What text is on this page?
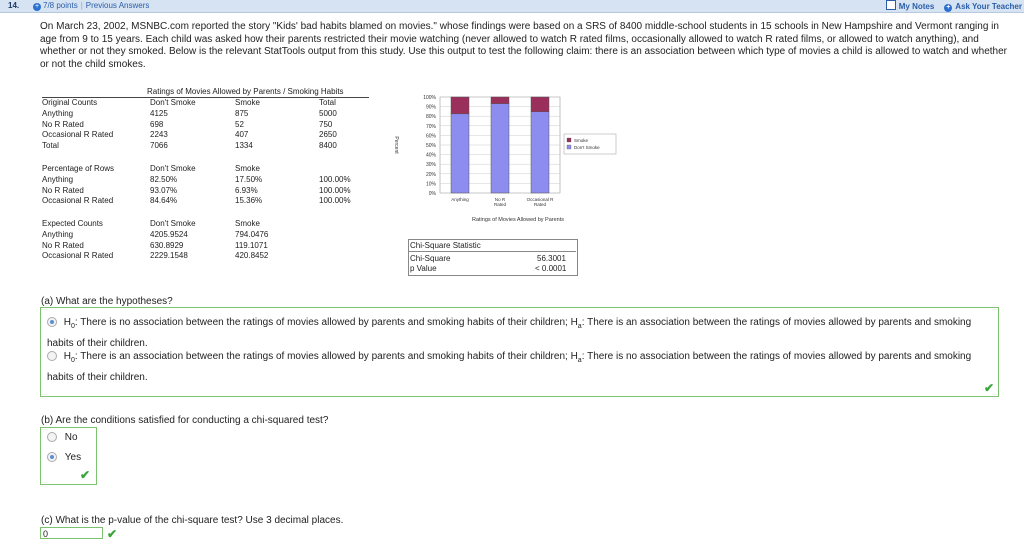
14. + 7/8 points | Previous Answers	My Notes + Ask Your Teacher
On March 23, 2002, MSNBC.com reported the story "Kids' bad habits blamed on movies." whose findings were based on a SRS of 8400 middle-school students in 15 schools in New Hampshire and Vermont ranging in age from 9 to 15 years. Each child was asked how their parents restricted their movie watching (never allowed to watch R rated films, occasionally allowed to watch R rated films, or allowed to watch anything), and whether or not they smoked. Below is the relevant StatTools output from this study. Use this output to test the following claim: there is an association between which type of movies a child is allowed to watch and whether or not the child smokes.
Ratings of Movies Allowed by Parents / Smoking Habits
Original Counts	Don't Smoke	Smoke	Total
Anything	4125	875	5000
No R Rated	698	52	750
Occasional R Rated	2243	407	2650
Total	7066	1334	8400
Percentage of Rows	Don't Smoke	Smoke
Anything	82.50%	17.50%	100.00%
No R Rated	93.07%	6.93%	100.00%
Occasional R Rated	84.64%	15.36%	100.00%
Expected Counts	Don't Smoke	Smoke
Anything	4205.9524	794.0476
No R Rated	630.8929	119.1071
Occasional R Rated	2229.1548	420.8452
100%
90%
80%
70%
60%
50%
40%
30%
20%
10%
0%
Percent
Anything	No R
Rated
Occasional R
Rated
Ratings of Movies Allowed by Parents
Smoke
Don't Smoke
Chi-Square Statistic
Chi-Square	56.3001
p Value	< 0.0001
(a) What are the hypotheses?
$H_0$: There is no association between the ratings of movies allowed by parents and smoking habits of their children; $H_a$: There is an association between the ratings of movies allowed by parents and smoking habits of their children.
$H_0$: There is an association between the ratings of movies allowed by parents and smoking habits of their children; $H_a$: There is no association between the ratings of movies allowed by parents and smoking habits of their children.
✔
(b) Are the conditions satisfied for conducting a chi-squared test?
No
Yes
✔
(c) What is the p-value of the chi-square test? Use 3 decimal places.
0	✔
